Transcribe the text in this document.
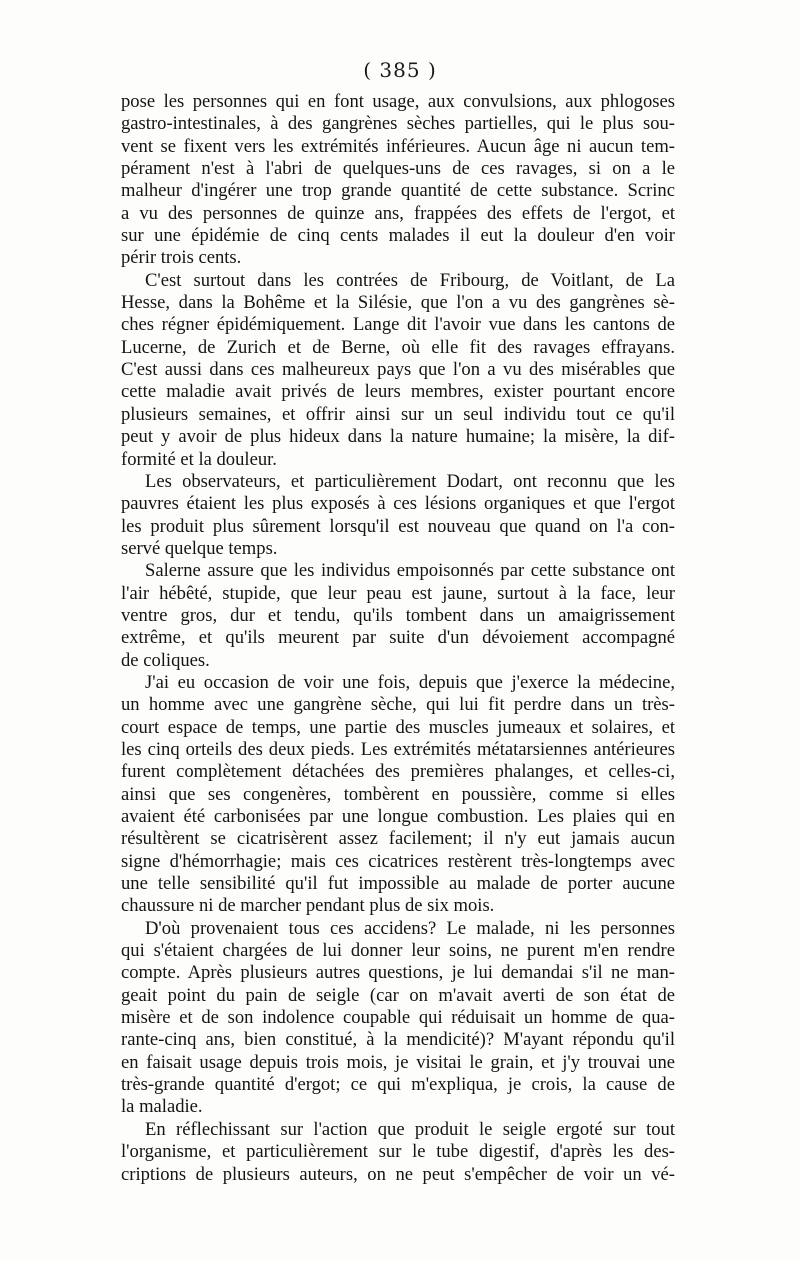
( 385 )
pose les personnes qui en font usage, aux convulsions, aux phlogoses
gastro-intestinales, à des gangrènes sèches partielles, qui le plus sou-
vent se fixent vers les extrémités inférieures. Aucun âge ni aucun tem-
pérament n'est à l'abri de quelques-uns de ces ravages, si on a le
malheur d'ingérer une trop grande quantité de cette substance. Scrinc
a vu des personnes de quinze ans, frappées des effets de l'ergot, et
sur une épidémie de cinq cents malades il eut la douleur d'en voir
périr trois cents.
C'est surtout dans les contrées de Fribourg, de Voitlant, de La
Hesse, dans la Bohême et la Silésie, que l'on a vu des gangrènes sè-
ches régner épidémiquement. Lange dit l'avoir vue dans les cantons de
Lucerne, de Zurich et de Berne, où elle fit des ravages effrayans.
C'est aussi dans ces malheureux pays que l'on a vu des misérables que
cette maladie avait privés de leurs membres, exister pourtant encore
plusieurs semaines, et offrir ainsi sur un seul individu tout ce qu'il
peut y avoir de plus hideux dans la nature humaine; la misère, la dif-
formité et la douleur.
Les observateurs, et particulièrement Dodart, ont reconnu que les
pauvres étaient les plus exposés à ces lésions organiques et que l'ergot
les produit plus sûrement lorsqu'il est nouveau que quand on l'a con-
servé quelque temps.
Salerne assure que les individus empoisonnés par cette substance ont
l'air hébêté, stupide, que leur peau est jaune, surtout à la face, leur
ventre gros, dur et tendu, qu'ils tombent dans un amaigrissement
extrême, et qu'ils meurent par suite d'un dévoiement accompagné
de coliques.
J'ai eu occasion de voir une fois, depuis que j'exerce la médecine,
un homme avec une gangrène sèche, qui lui fit perdre dans un très-
court espace de temps, une partie des muscles jumeaux et solaires, et
les cinq orteils des deux pieds. Les extrémités métatarsiennes antérieures
furent complètement détachées des premières phalanges, et celles-ci,
ainsi que ses congenères, tombèrent en poussière, comme si elles
avaient été carbonisées par une longue combustion. Les plaies qui en
résultèrent se cicatrisèrent assez facilement; il n'y eut jamais aucun
signe d'hémorrhagie; mais ces cicatrices restèrent très-longtemps avec
une telle sensibilité qu'il fut impossible au malade de porter aucune
chaussure ni de marcher pendant plus de six mois.
D'où provenaient tous ces accidens? Le malade, ni les personnes
qui s'étaient chargées de lui donner leur soins, ne purent m'en rendre
compte. Après plusieurs autres questions, je lui demandai s'il ne man-
geait point du pain de seigle (car on m'avait averti de son état de
misère et de son indolence coupable qui réduisait un homme de qua-
rante-cinq ans, bien constitué, à la mendicité)? M'ayant répondu qu'il
en faisait usage depuis trois mois, je visitai le grain, et j'y trouvai une
très-grande quantité d'ergot; ce qui m'expliqua, je crois, la cause de
la maladie.
En réflechissant sur l'action que produit le seigle ergoté sur tout
l'organisme, et particulièrement sur le tube digestif, d'après les des-
criptions de plusieurs auteurs, on ne peut s'empêcher de voir un vé-
